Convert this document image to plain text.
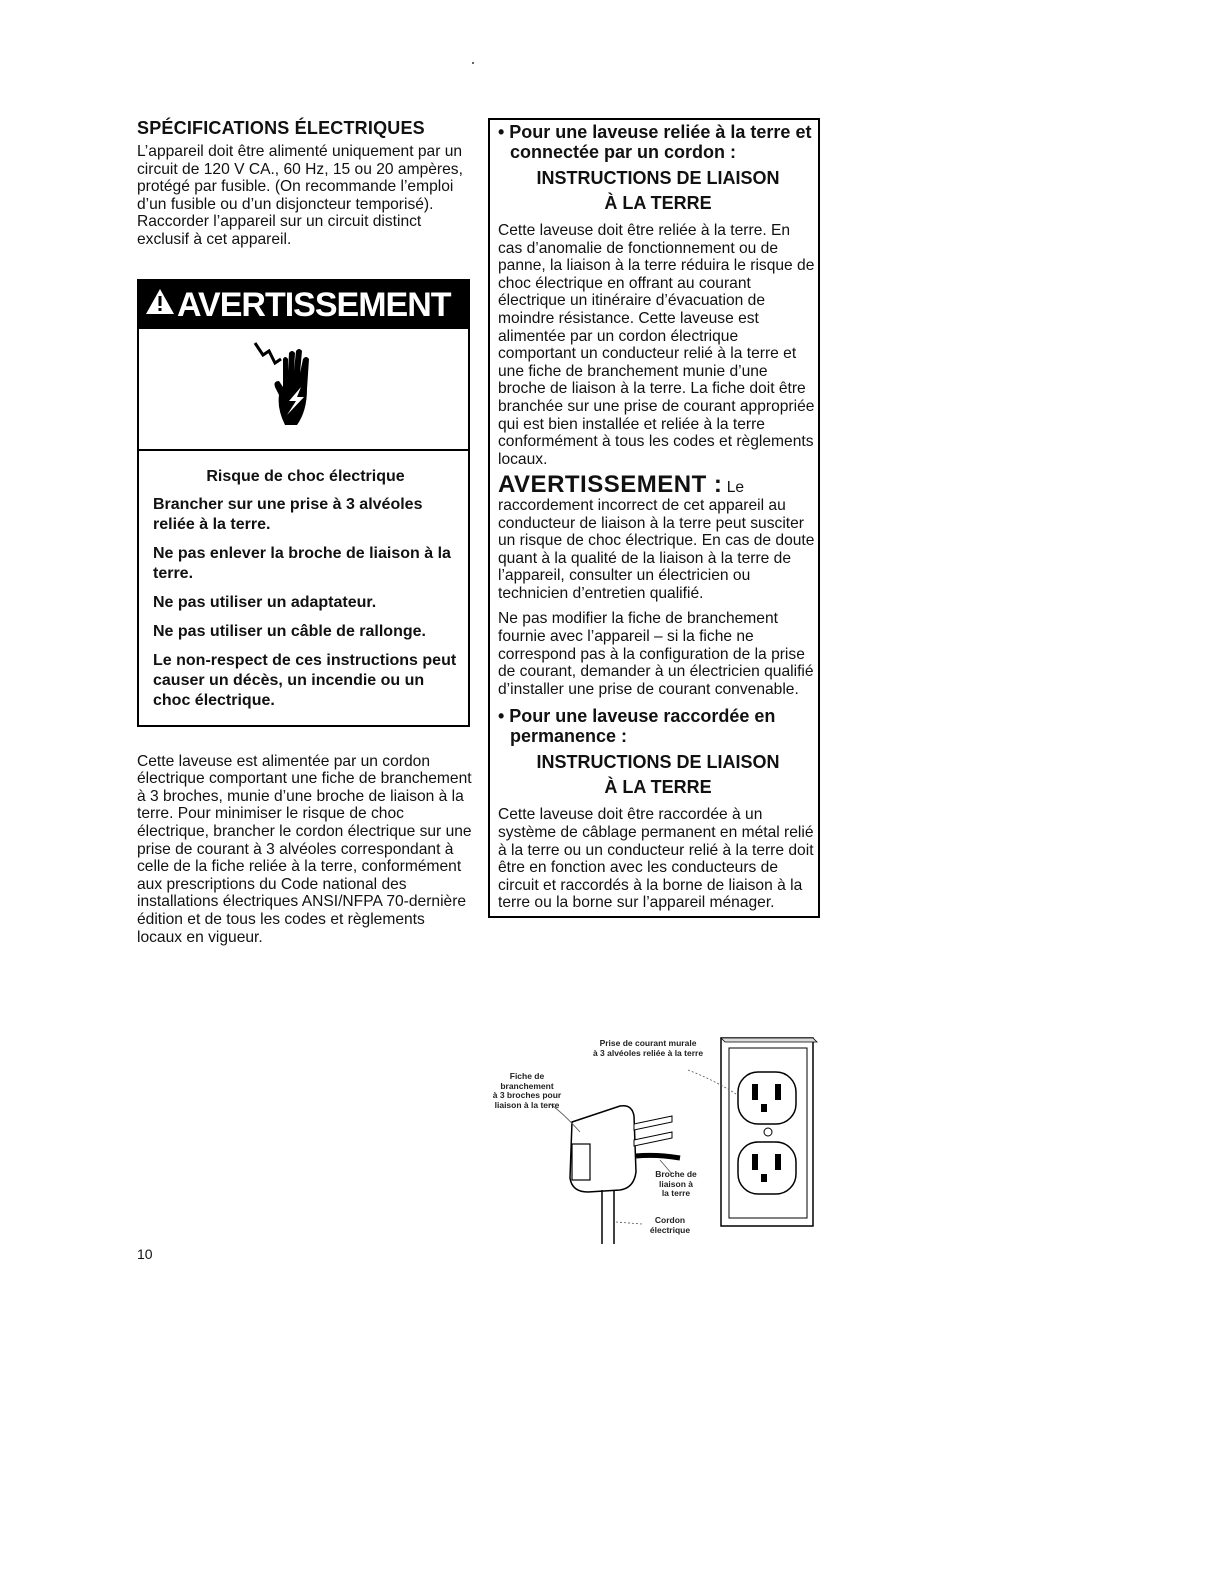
SPÉCIFICATIONS ÉLECTRIQUES

L’appareil doit être alimenté uniquement par un circuit de 120 V CA., 60 Hz, 15 ou 20 ampères, protégé par fusible. (On recommande l’emploi d’un fusible ou d’un disjoncteur temporisé). Raccorder l’appareil sur un circuit distinct exclusif à cet appareil.

AVERTISSEMENT
Risque de choc électrique
Brancher sur une prise à 3 alvéoles reliée à la terre.
Ne pas enlever la broche de liaison à la terre.
Ne pas utiliser un adaptateur.
Ne pas utiliser un câble de rallonge.
Le non-respect de ces instructions peut causer un décès, un incendie ou un choc électrique.

Cette laveuse est alimentée par un cordon électrique comportant une fiche de branchement à 3 broches, munie d’une broche de liaison à la terre. Pour minimiser le risque de choc électrique, brancher le cordon électrique sur une prise de courant à 3 alvéoles correspondant à celle de la fiche reliée à la terre, conformément aux prescriptions du Code national des installations électriques ANSI/NFPA 70-dernière édition et de tous les codes et règlements locaux en vigueur.

• Pour une laveuse reliée à la terre et connectée par un cordon :

INSTRUCTIONS DE LIAISON
À LA TERRE

Cette laveuse doit être reliée à la terre. En cas d’anomalie de fonctionnement ou de panne, la liaison à la terre réduira le risque de choc électrique en offrant au courant électrique un itinéraire d’évacuation de moindre résistance. Cette laveuse est alimentée par un cordon électrique comportant un conducteur relié à la terre et une fiche de branchement munie d’une broche de liaison à la terre. La fiche doit être branchée sur une prise de courant appropriée qui est bien installée et reliée à la terre conformément à tous les codes et règlements locaux.

AVERTISSEMENT : Le raccordement incorrect de cet appareil au conducteur de liaison à la terre peut susciter un risque de choc électrique. En cas de doute quant à la qualité de la liaison à la terre de l’appareil, consulter un électricien ou technicien d’entretien qualifié.

Ne pas modifier la fiche de branchement fournie avec l’appareil – si la fiche ne correspond pas à la configuration de la prise de courant, demander à un électricien qualifié d’installer une prise de courant convenable.

• Pour une laveuse raccordée en permanence :

INSTRUCTIONS DE LIAISON
À LA TERRE

Cette laveuse doit être raccordée à un système de câblage permanent en métal relié à la terre ou un conducteur relié à la terre doit être en fonction avec les conducteurs de circuit et raccordés à la borne de liaison à la terre ou la borne sur l’appareil ménager.

Prise de courant murale
à 3 alvéoles reliée à la terre
Fiche de branchement
à 3 broches pour
liaison à la terre
Broche de
liaison à
la terre
Cordon
électrique
10
